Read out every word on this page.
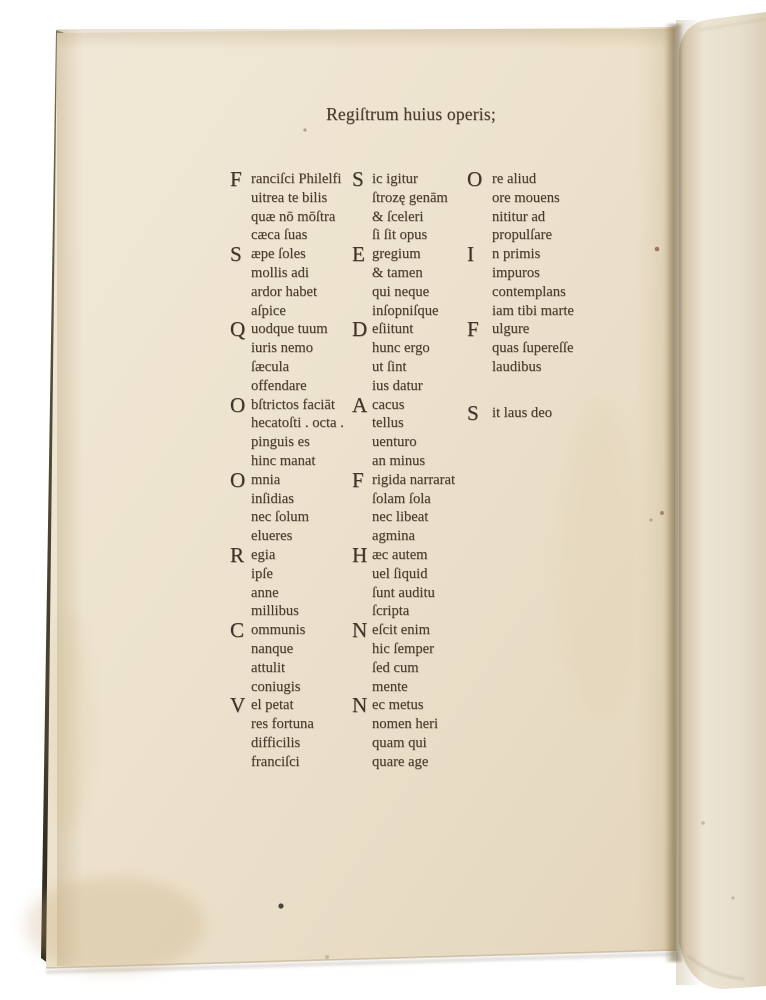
Regiſtrum huius operis;
F ranciſci Philelfi
uitrea te bilis
quæ nō mōſtra
cæca ſuas
S æpe ſoles
mollis adi
ardor habet
aſpice
Q uodque tuum
iuris nemo
ſæcula
offendare
O bſtrictos faciāt
hecatoſti . octa .
pinguis es
hinc manat
O mnia
inſidias
nec ſolum
elueres
R egia
ipſe
anne
millibus
C ommunis
nanque
attulit
coniugis
V el petat
res fortuna
difficilis
franciſci
S ic igitur
ſtrozę genām
& ſceleri
ſi ſit opus
E gregium
& tamen
qui neque
inſopniſque
D eſiitunt
hunc ergo
ut ſint
ius datur
A cacus
tellus
uenturo
an minus
F rigida narrarat
ſolam ſola
nec libeat
agmina
H æc autem
uel ſiquid
ſunt auditu
ſcripta
N eſcit enim
hic ſemper
ſed cum
mente
N ec metus
nomen heri
quam qui
quare age
O re aliud
ore mouens
nititur ad
propulſare
I	n primis
impuros
contemplans
iam tibi marte
F ulgure
quas ſupereſſe
laudibus
S it laus deo
